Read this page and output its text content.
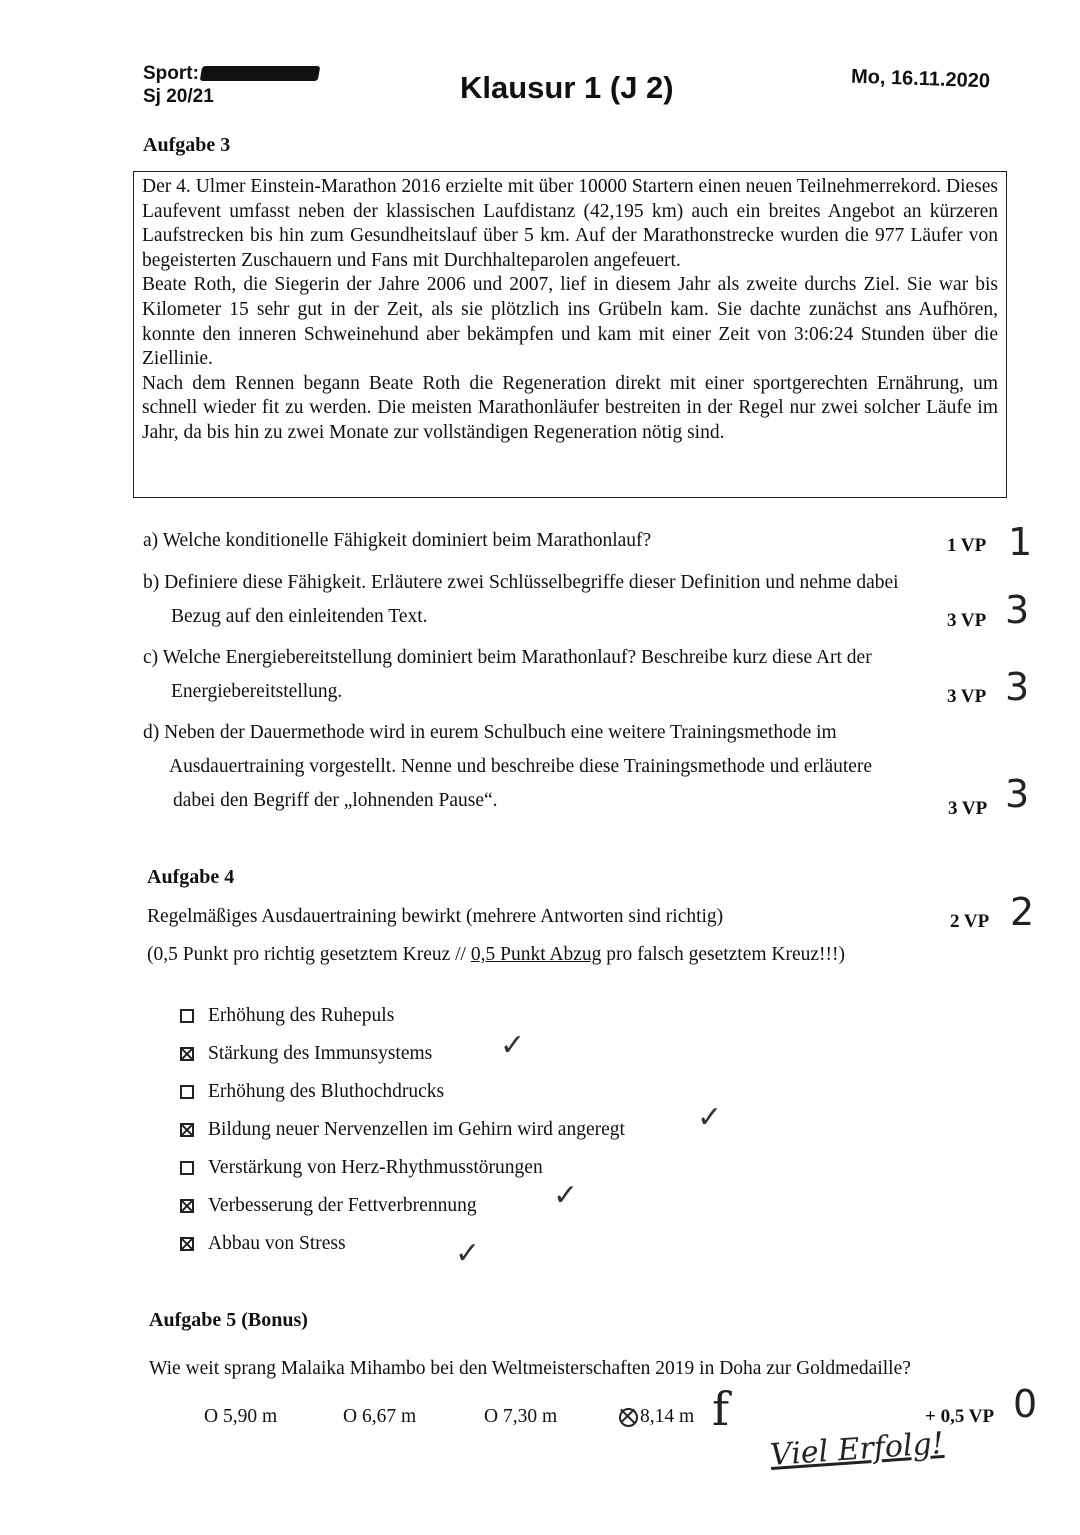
Sport:
Sj 20/21	Klausur 1 (J 2)	Mo, 16.11.2020
Aufgabe 3

Der 4. Ulmer Einstein-Marathon 2016 erzielte mit über 10000 Startern einen neuen Teilnehmerrekord. Dieses Laufevent umfasst neben der klassischen Laufdistanz (42,195 km) auch ein breites Angebot an kürzeren Laufstrecken bis hin zum Gesundheitslauf über 5 km. Auf der Marathonstrecke wurden die 977 Läufer von begeisterten Zuschauern und Fans mit Durchhalteparolen angefeuert.

Beate Roth, die Siegerin der Jahre 2006 und 2007, lief in diesem Jahr als zweite durchs Ziel. Sie war bis Kilometer 15 sehr gut in der Zeit, als sie plötzlich ins Grübeln kam. Sie dachte zunächst ans Aufhören, konnte den inneren Schweinehund aber bekämpfen und kam mit einer Zeit von 3:06:24 Stunden über die Ziellinie.

Nach dem Rennen begann Beate Roth die Regeneration direkt mit einer sportgerechten Ernährung, um schnell wieder fit zu werden. Die meisten Marathonläufer bestreiten in der Regel nur zwei solcher Läufe im Jahr, da bis hin zu zwei Monate zur vollständigen Regeneration nötig sind.

a) Welche konditionelle Fähigkeit dominiert beim Marathonlauf?	1 VP 1
b) Definiere diese Fähigkeit. Erläutere zwei Schlüsselbegriffe dieser Definition und nehme dabei
Bezug auf den einleitenden Text.	3 VP 3
c) Welche Energiebereitstellung dominiert beim Marathonlauf? Beschreibe kurz diese Art der
Energiebereitstellung.	3 VP 3
d) Neben der Dauermethode wird in eurem Schulbuch eine weitere Trainingsmethode im
Ausdauertraining vorgestellt. Nenne und beschreibe diese Trainingsmethode und erläutere
dabei den Begriff der „lohnenden Pause“.	3 VP 3
Aufgabe 4
Regelmäßiges Ausdauertraining bewirkt (mehrere Antworten sind richtig)	2 VP 2
(0,5 Punkt pro richtig gesetztem Kreuz // 0,5 Punkt Abzug pro falsch gesetztem Kreuz!!!)
Erhöhung des Ruhepuls
Stärkung des Immunsystems ✓
Erhöhung des Bluthochdrucks
Bildung neuer Nervenzellen im Gehirn wird angeregt ✓
Verstärkung von Herz-Rhythmusstörungen
Verbesserung der Fettverbrennung	✓
Abbau von Stress	✓
Aufgabe 5 (Bonus)
Wie weit sprang Malaika Mihambo bei den Weltmeisterschaften 2019 in Doha zur Goldmedaille?
O 5,90 m	O 6,67 m	O 7,30 m	8,14 m f	+ 0,5 VP 0
Viel Erfolg!
